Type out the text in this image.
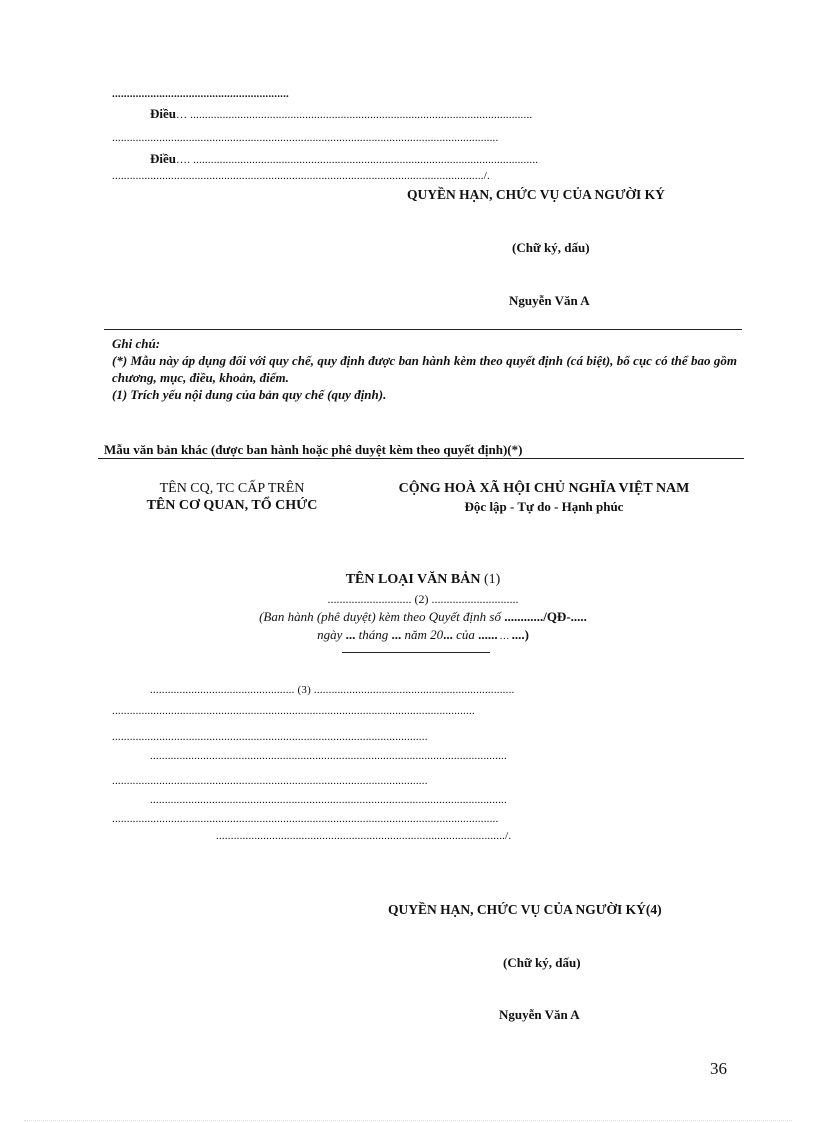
............................................................
Điều… ....................................................................................................................
...................................................................................................................................
Điều…. .....................................................................................................................
............................................................................................................................../.
QUYỀN HẠN, CHỨC VỤ CỦA NGƯỜI KÝ
(Chữ ký, dấu)
Nguyễn Văn A
Ghi chú:
(*) Mẫu này áp dụng đối với quy chế, quy định được ban hành kèm theo quyết định (cá biệt), bố cục có thể bao gồm chương, mục, điều, khoản, điểm.
(1) Trích yếu nội dung của bản quy chế (quy định).
Mẫu văn bản khác (được ban hành hoặc phê duyệt kèm theo quyết định)(*)
TÊN CQ, TC CẤP TRÊN
TÊN CƠ QUAN, TỔ CHỨC
CỘNG HOÀ XÃ HỘI CHỦ NGHĨA VIỆT NAM
Độc lập - Tự do - Hạnh phúc
TÊN LOẠI VĂN BẢN (1)
............................ (2) .............................
(Ban hành (phê duyệt) kèm theo Quyết định số ............/QĐ-.....
ngày ... tháng ... năm 20... của ...... … ....)
................................................. (3) ....................................................................
...........................................................................................................................
...........................................................................................................
.........................................................................................................................
...........................................................................................................
.........................................................................................................................
...................................................................................................................................
................................................................................................../.
QUYỀN HẠN, CHỨC VỤ CỦA NGƯỜI KÝ(4)
(Chữ ký, dấu)
Nguyễn Văn A
36
